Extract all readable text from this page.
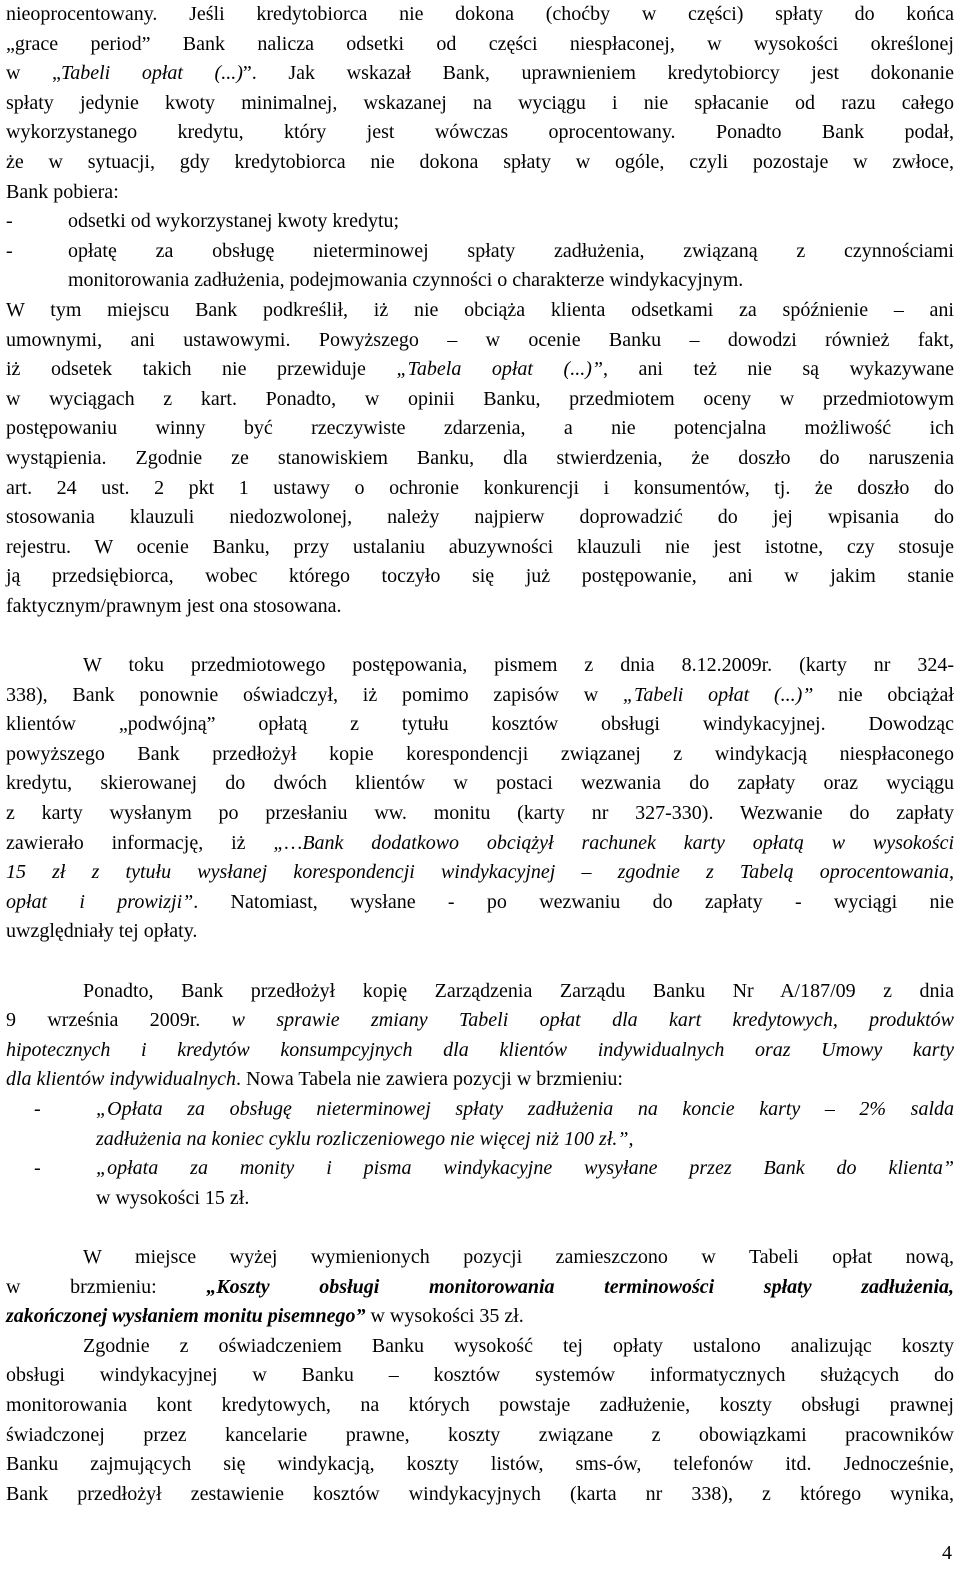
nieoprocentowany. Jeśli kredytobiorca nie dokona (choćby w części) spłaty do końca
„grace period” Bank nalicza odsetki od części niespłaconej, w wysokości określonej
w „Tabeli opłat (...)”. Jak wskazał Bank, uprawnieniem kredytobiorcy jest dokonanie
spłaty jedynie kwoty minimalnej, wskazanej na wyciągu i nie spłacanie od razu całego
wykorzystanego kredytu, który jest wówczas oprocentowany. Ponadto Bank podał,
że w sytuacji, gdy kredytobiorca nie dokona spłaty w ogóle, czyli pozostaje w zwłoce,
Bank pobiera:
-	odsetki od wykorzystanej kwoty kredytu;
-	opłatę za obsługę nieterminowej spłaty zadłużenia, związaną z czynnościami
monitorowania zadłużenia, podejmowania czynności o charakterze windykacyjnym.
W tym miejscu Bank podkreślił, iż nie obciąża klienta odsetkami za spóźnienie – ani
umownymi, ani ustawowymi. Powyższego – w ocenie Banku – dowodzi również fakt,
iż odsetek takich nie przewiduje „Tabela opłat (...)”, ani też nie są wykazywane
w wyciągach z kart. Ponadto, w opinii Banku, przedmiotem oceny w przedmiotowym
postępowaniu winny być rzeczywiste zdarzenia, a nie potencjalna możliwość ich
wystąpienia. Zgodnie ze stanowiskiem Banku, dla stwierdzenia, że doszło do naruszenia
art. 24 ust. 2 pkt 1 ustawy o ochronie konkurencji i konsumentów, tj. że doszło do
stosowania klauzuli niedozwolonej, należy najpierw doprowadzić do jej wpisania do
rejestru. W ocenie Banku, przy ustalaniu abuzywności klauzuli nie jest istotne, czy stosuje
ją przedsiębiorca, wobec którego toczyło się już postępowanie, ani w jakim stanie
faktycznym/prawnym jest ona stosowana.
W toku przedmiotowego postępowania, pismem z dnia 8.12.2009r. (karty nr 324-
338), Bank ponownie oświadczył, iż pomimo zapisów w „Tabeli opłat (...)” nie obciążał
klientów „podwójną” opłatą z tytułu kosztów obsługi windykacyjnej. Dowodząc
powyższego Bank przedłożył kopie korespondencji związanej z windykacją niespłaconego
kredytu, skierowanej do dwóch klientów w postaci wezwania do zapłaty oraz wyciągu
z karty wysłanym po przesłaniu ww. monitu (karty nr 327-330). Wezwanie do zapłaty
zawierało informację, iż „…Bank dodatkowo obciążył rachunek karty opłatą w wysokości
15 zł z tytułu wysłanej korespondencji windykacyjnej – zgodnie z Tabelą oprocentowania,
opłat i prowizji”. Natomiast, wysłane - po wezwaniu do zapłaty - wyciągi nie
uwzględniały tej opłaty.
Ponadto, Bank przedłożył kopię Zarządzenia Zarządu Banku Nr A/187/09 z dnia
9 września 2009r. w sprawie zmiany Tabeli opłat dla kart kredytowych, produktów
hipotecznych i kredytów konsumpcyjnych dla klientów indywidualnych oraz Umowy karty
dla klientów indywidualnych. Nowa Tabela nie zawiera pozycji w brzmieniu:
-	„Opłata za obsługę nieterminowej spłaty zadłużenia na koncie karty – 2% salda
zadłużenia na koniec cyklu rozliczeniowego nie więcej niż 100 zł.”,
-	„opłata za monity i pisma windykacyjne wysyłane przez Bank do klienta”
w wysokości 15 zł.
W miejsce wyżej wymienionych pozycji zamieszczono w Tabeli opłat nową,
w brzmieniu: „Koszty obsługi monitorowania terminowości spłaty zadłużenia,
zakończonej wysłaniem monitu pisemnego” w wysokości 35 zł.
Zgodnie z oświadczeniem Banku wysokość tej opłaty ustalono analizując koszty
obsługi windykacyjnej w Banku – kosztów systemów informatycznych służących do
monitorowania kont kredytowych, na których powstaje zadłużenie, koszty obsługi prawnej
świadczonej przez kancelarie prawne, koszty związane z obowiązkami pracowników
Banku zajmujących się windykacją, koszty listów, sms-ów, telefonów itd. Jednocześnie,
Bank przedłożył zestawienie kosztów windykacyjnych (karta nr 338), z którego wynika,
4
